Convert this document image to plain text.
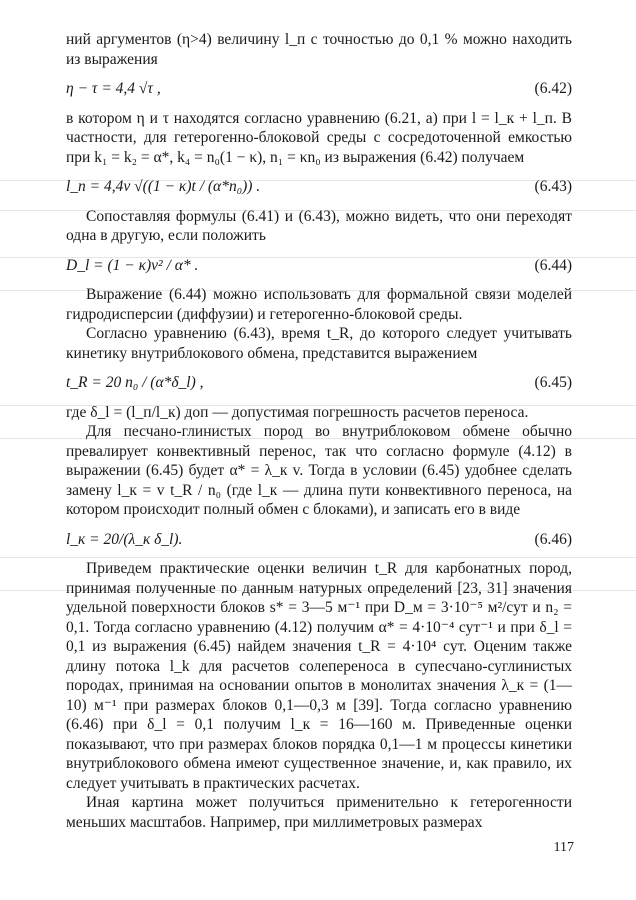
ний аргументов (η>4) величину l_п с точностью до 0,1 % можно находить из выражения

η − τ = 4,4 √τ ,	(6.42)

в котором η и τ находятся согласно уравнению (6.21, а) при l = l_к + l_п. В частности, для гетерогенно-блоковой среды с сосредоточенной емкостью при k₁ = k₂ = α*, k₄ = n₀(1 − κ), n₁ = κn₀ из выражения (6.42) получаем

l_п = 4,4v √((1 − κ)t / (α*n₀)) .	(6.43)

Сопоставляя формулы (6.41) и (6.43), можно видеть, что они переходят одна в другую, если положить

D_l = (1 − κ)v² / α* .	(6.44)

Выражение (6.44) можно использовать для формальной связи моделей гидродисперсии (диффузии) и гетерогенно-блоковой среды.

Согласно уравнению (6.43), время t_R, до которого следует учитывать кинетику внутриблокового обмена, представится выражением

t_R = 20 n₀ / (α*δ_l) ,	(6.45)

где δ_l = (l_п/l_к) доп — допустимая погрешность расчетов переноса.

Для песчано-глинистых пород во внутриблоковом обмене обычно превалирует конвективный перенос, так что согласно формуле (4.12) в выражении (6.45) будет α* = λ_к v. Тогда в условии (6.45) удобнее сделать замену l_к = v t_R / n₀ (где l_к — длина пути конвективного переноса, на котором происходит полный обмен с блоками), и записать его в виде

l_к = 20/(λ_к δ_l).	(6.46)

Приведем практические оценки величин t_R для карбонатных пород, принимая полученные по данным натурных определений [23, 31] значения удельной поверхности блоков s* = 3—5 м⁻¹ при D_м = 3·10⁻⁵ м²/сут и n₂ = 0,1. Тогда согласно уравнению (4.12) получим α* = 4·10⁻⁴ сут⁻¹ и при δ_l = 0,1 из выражения (6.45) найдем значения t_R = 4·10⁴ сут. Оценим также длину потока l_k для расчетов солепереноса в супесчано-суглинистых породах, принимая на основании опытов в монолитах значения λ_к = (1—10) м⁻¹ при размерах блоков 0,1—0,3 м [39]. Тогда согласно уравнению (6.46) при δ_l = 0,1 получим l_к = 16—160 м. Приведенные оценки показывают, что при размерах блоков порядка 0,1—1 м процессы кинетики внутриблокового обмена имеют существенное значение, и, как правило, их следует учитывать в практических расчетах.

Иная картина может получиться применительно к гетерогенности меньших масштабов. Например, при миллиметровых размерах

117
